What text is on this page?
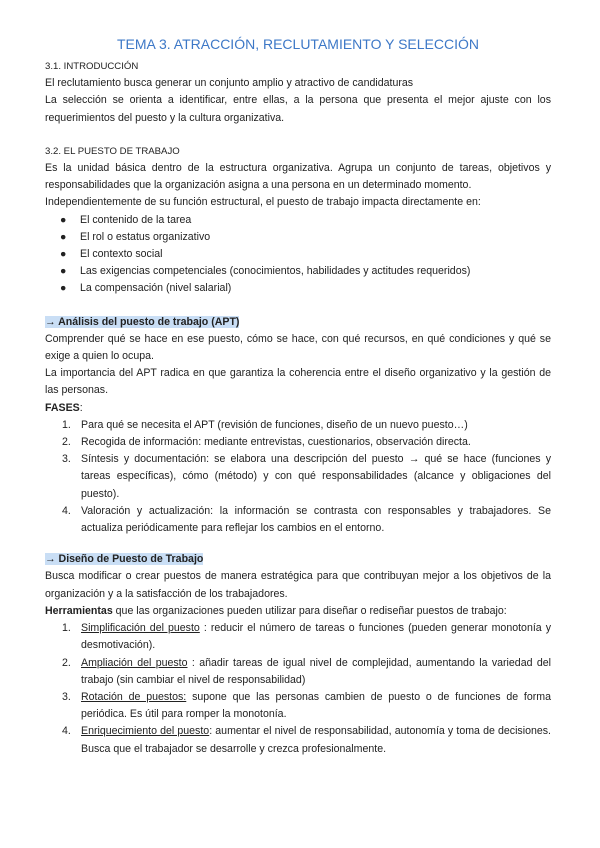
TEMA 3. ATRACCIÓN, RECLUTAMIENTO Y SELECCIÓN

3.1. INTRODUCCIÓN

El reclutamiento busca generar un conjunto amplio y atractivo de candidaturas

La selección se orienta a identificar, entre ellas, a la persona que presenta el mejor ajuste con los requerimientos del puesto y la cultura organizativa.

3.2. EL PUESTO DE TRABAJO

Es la unidad básica dentro de la estructura organizativa. Agrupa un conjunto de tareas, objetivos y responsabilidades que la organización asigna a una persona en un determinado momento.

Independientemente de su función estructural, el puesto de trabajo impacta directamente en:

● El contenido de la tarea
● El rol o estatus organizativo
● El contexto social
● Las exigencias competenciales (conocimientos, habilidades y actitudes requeridos)
● La compensación (nivel salarial)

→ Análisis del puesto de trabajo (APT)

Comprender qué se hace en ese puesto, cómo se hace, con qué recursos, en qué condiciones y qué se exige a quien lo ocupa.

La importancia del APT radica en que garantiza la coherencia entre el diseño organizativo y la gestión de las personas.

FASES:

1. Para qué se necesita el APT (revisión de funciones, diseño de un nuevo puesto…)
2. Recogida de información: mediante entrevistas, cuestionarios, observación directa.
3. Síntesis y documentación: se elabora una descripción del puesto → qué se hace (funciones y tareas específicas), cómo (método) y con qué responsabilidades (alcance y obligaciones del puesto).
4. Valoración y actualización: la información se contrasta con responsables y trabajadores. Se actualiza periódicamente para reflejar los cambios en el entorno.

→ Diseño de Puesto de Trabajo

Busca modificar o crear puestos de manera estratégica para que contribuyan mejor a los objetivos de la organización y a la satisfacción de los trabajadores.

Herramientas que las organizaciones pueden utilizar para diseñar o rediseñar puestos de trabajo:

1. Simplificación del puesto : reducir el número de tareas o funciones (pueden generar monotonía y desmotivación).
2. Ampliación del puesto : añadir tareas de igual nivel de complejidad, aumentando la variedad del trabajo (sin cambiar el nivel de responsabilidad)
3. Rotación de puestos: supone que las personas cambien de puesto o de funciones de forma periódica. Es útil para romper la monotonía.
4. Enriquecimiento del puesto: aumentar el nivel de responsabilidad, autonomía y toma de decisiones. Busca que el trabajador se desarrolle y crezca profesionalmente.
